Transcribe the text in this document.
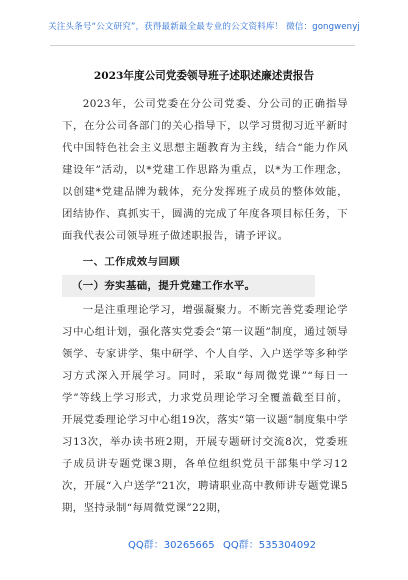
关注头条号“公文研究”，获得最新最全最专业的公文资料库！ 微信：gongwenyj
2023年度公司党委领导班子述职述廉述责报告

2023年，公司党委在分公司党委、分公司的正确指导下，在分公司各部门的关心指导下，以学习贯彻习近平新时代中国特色社会主义思想主题教育为主线，结合“能力作风建设年”活动，以*党建工作思路为重点，以*为工作理念，以创建*党建品牌为载体，充分发挥班子成员的整体效能，团结协作、真抓实干，圆满的完成了年度各项目标任务，下面我代表公司领导班子做述职报告，请予评议。

一、工作成效与回顾

（一）夯实基础，提升党建工作水平。

一是注重理论学习，增强凝聚力。不断完善党委理论学习中心组计划，强化落实党委会“第一议题”制度，通过领导领学、专家讲学、集中研学、个人自学、入户送学等多种学习方式深入开展学习。同时，采取“每周微党课”“每日一学”等线上学习形式，力求党员理论学习全覆盖截至目前，开展党委理论学习中心组19次，落实“第一议题”制度集中学习13次，举办读书班2期，开展专题研讨交流8次，党委班子成员讲专题党课3期，各单位组织党员干部集中学习12次，开展“入户送学”21次，聘请职业高中教师讲专题党课5期，坚持录制“每周微党课”22期，

QQ群：30265665 QQ群：535304092
